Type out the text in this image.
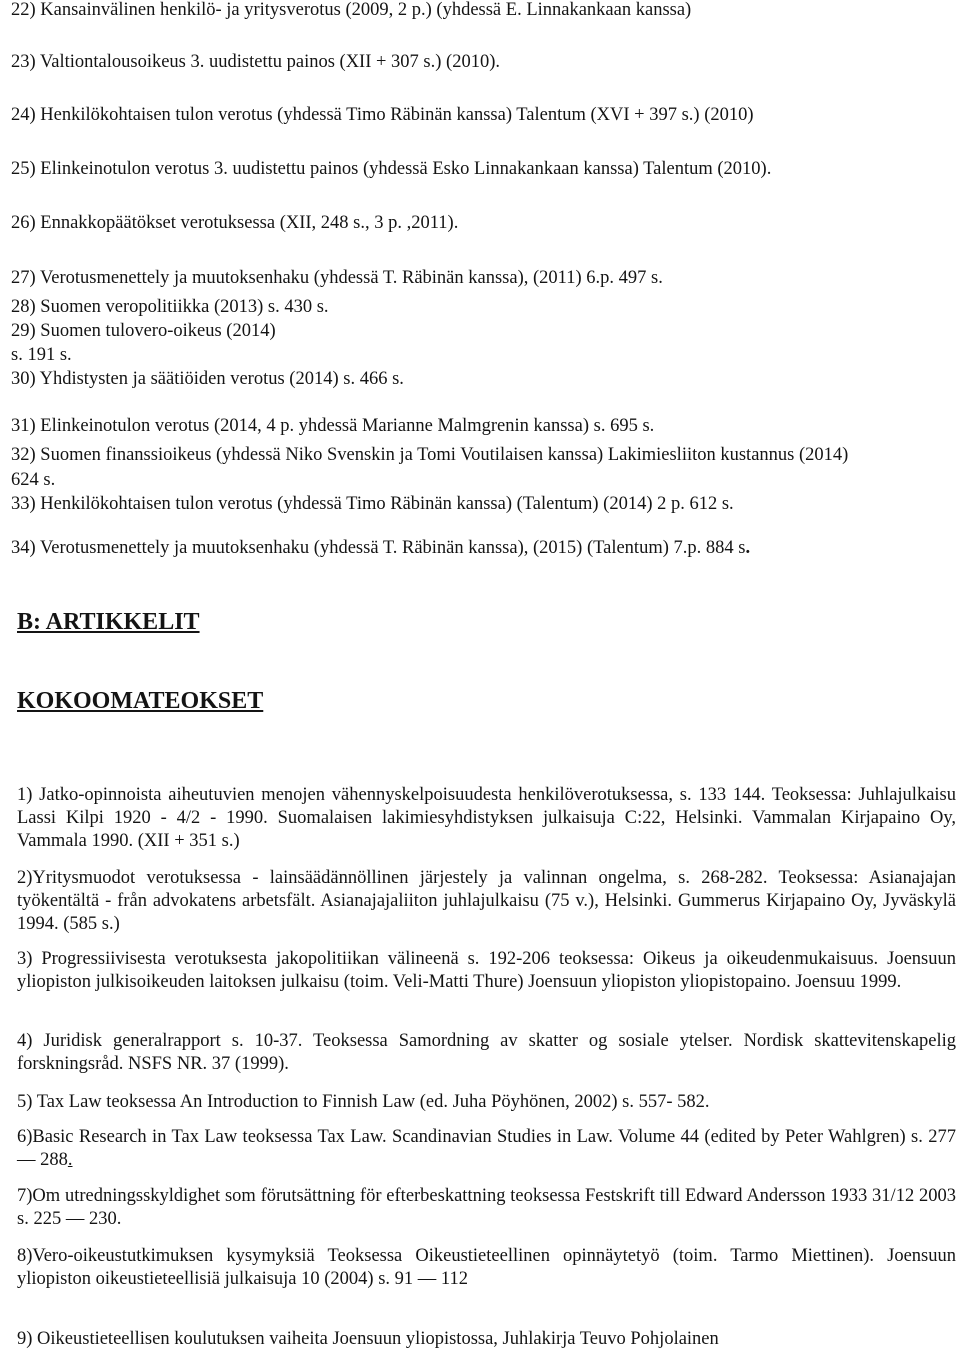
22) Kansainvälinen henkilö- ja yritysverotus (2009, 2 p.) (yhdessä E. Linnakankaan kanssa)
23) Valtiontalousoikeus 3. uudistettu painos (XII + 307 s.) (2010).
24) Henkilökohtaisen tulon verotus (yhdessä Timo Räbinän kanssa) Talentum (XVI + 397 s.) (2010)
25) Elinkeinotulon verotus 3. uudistettu painos (yhdessä Esko Linnakankaan kanssa) Talentum (2010).
26) Ennakkopäätökset verotuksessa (XII, 248 s., 3 p. ,2011).
27) Verotusmenettely ja muutoksenhaku (yhdessä T. Räbinän kanssa), (2011) 6.p. 497 s.
28) Suomen veropolitiikka (2013) s. 430 s.
29) Suomen tulovero-oikeus (2014)
s. 191 s.
30) Yhdistysten ja säätiöiden verotus (2014) s. 466 s.
31) Elinkeinotulon verotus (2014, 4 p. yhdessä Marianne Malmgrenin kanssa) s. 695 s.
32) Suomen finanssioikeus (yhdessä Niko Svenskin ja Tomi Voutilaisen kanssa) Lakimiesliiton kustannus (2014)
624 s.
33) Henkilökohtaisen tulon verotus (yhdessä Timo Räbinän kanssa) (Talentum) (2014) 2 p. 612 s.
34) Verotusmenettely ja muutoksenhaku (yhdessä T. Räbinän kanssa), (2015) (Talentum) 7.p. 884 s.
B: ARTIKKELIT
KOKOOMATEOKSET
1) Jatko-opinnoista aiheutuvien menojen vähennyskelpoisuudesta henkilöverotuksessa, s. 133 144. Teoksessa: Juhlajulkaisu Lassi Kilpi 1920 - 4/2 - 1990. Suomalaisen lakimiesyhdistyksen julkaisuja C:22, Helsinki. Vammalan Kirjapaino Oy, Vammala 1990. (XII + 351 s.)
2)Yritysmuodot verotuksessa - lainsäädännöllinen järjestely ja valinnan ongelma, s. 268-282. Teoksessa: Asianajajan työkentältä - från advokatens arbetsfält. Asianajajaliiton juhlajulkaisu (75 v.), Helsinki. Gummerus Kirjapaino Oy, Jyväskylä 1994. (585 s.)
3) Progressiivisesta verotuksesta jakopolitiikan välineenä s. 192-206 teoksessa: Oikeus ja oikeudenmukaisuus. Joensuun yliopiston julkisoikeuden laitoksen julkaisu (toim. Veli-Matti Thure) Joensuun yliopiston yliopistopaino. Joensuu 1999.
4) Juridisk generalrapport s. 10-37. Teoksessa Samordning av skatter og sosiale ytelser. Nordisk skattevitenskapelig forskningsråd. NSFS NR. 37 (1999).
5) Tax Law teoksessa An Introduction to Finnish Law (ed. Juha Pöyhönen, 2002) s. 557- 582.
6)Basic Research in Tax Law teoksessa Tax Law. Scandinavian Studies in Law. Volume 44 (edited by Peter Wahlgren) s. 277 — 288.
7)Om utredningsskyldighet som förutsättning för efterbeskattning teoksessa Festskrift till Edward Andersson 1933 31/12 2003 s. 225 — 230.
8)Vero-oikeustutkimuksen kysymyksiä Teoksessa Oikeustieteellinen opinnäytetyö (toim. Tarmo Miettinen). Joensuun yliopiston oikeustieteellisiä julkaisuja 10 (2004) s. 91 — 112
9) Oikeustieteellisen koulutuksen vaiheita Joensuun yliopistossa, Juhlakirja Teuvo Pohjolainen
